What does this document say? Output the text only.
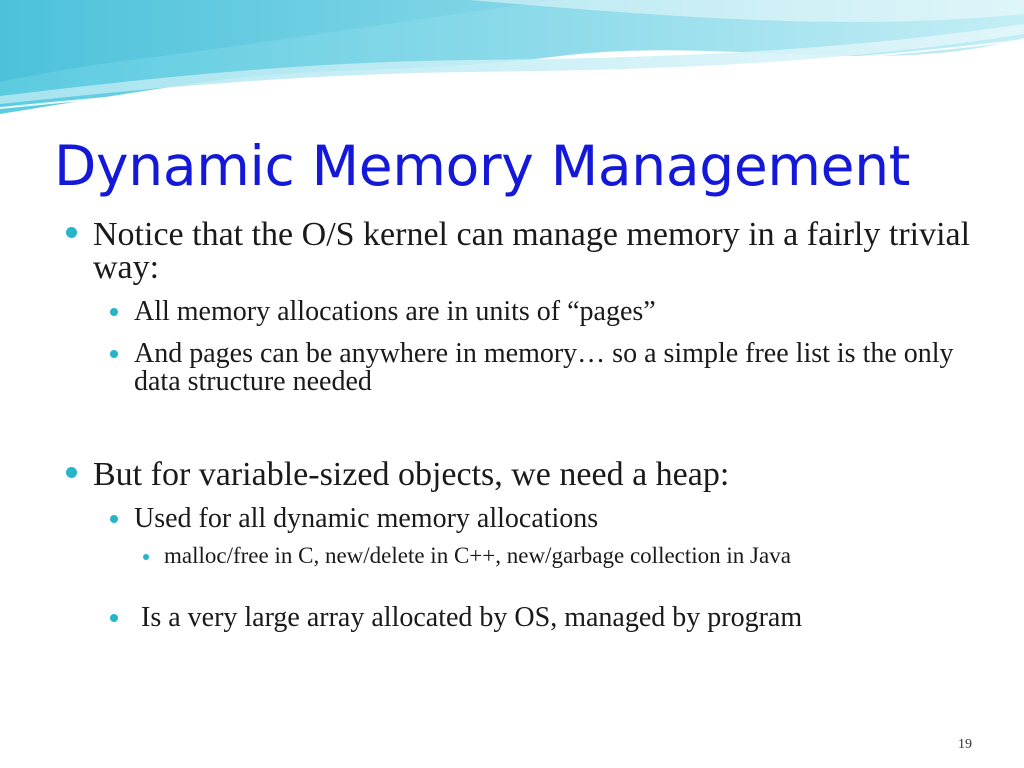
Dynamic Memory Management
Notice that the O/S kernel can manage memory in a fairly trivial way:
All memory allocations are in units of “pages”
And pages can be anywhere in memory… so a simple free list is the only data structure needed
But for variable-sized objects, we need a heap:
Used for all dynamic memory allocations
malloc/free in C, new/delete in C++, new/garbage collection in Java
Is a very large array allocated by OS, managed by program
19
